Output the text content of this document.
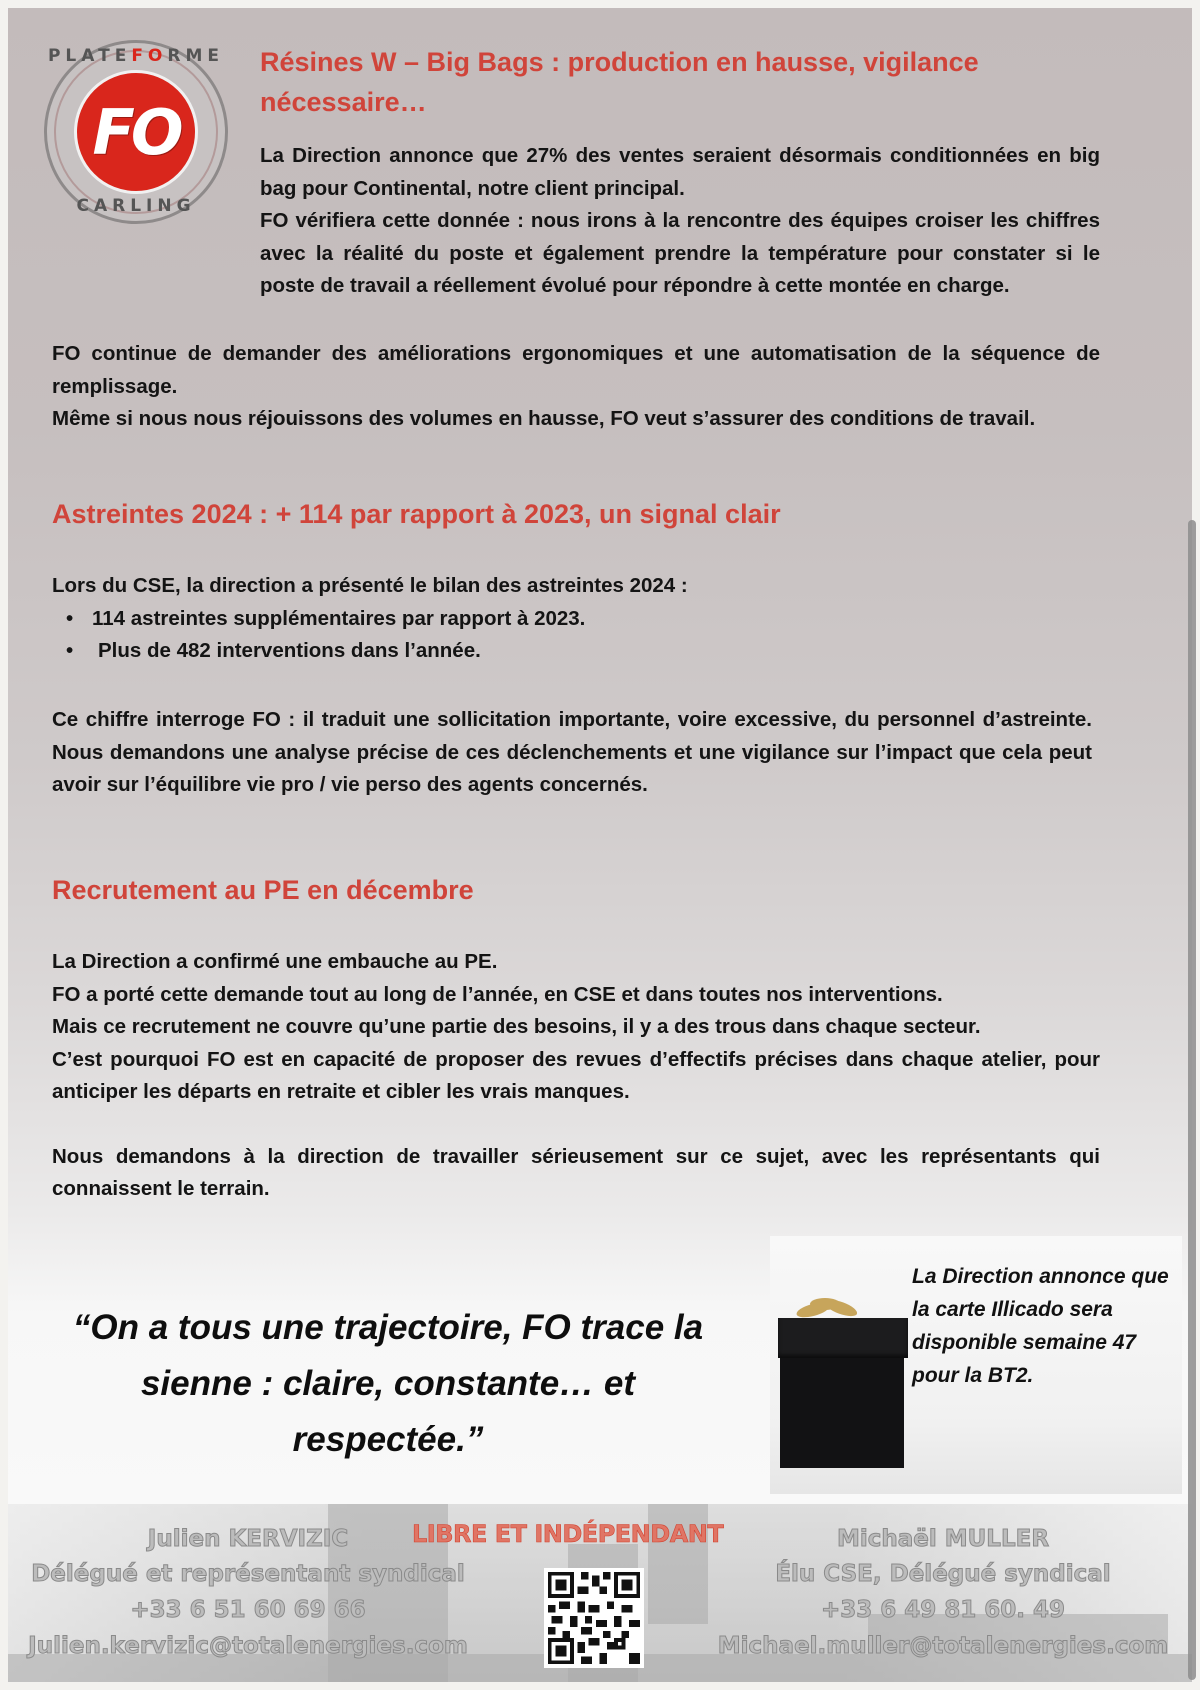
PLATEFORME
FO
CARLING
Résines W – Big Bags : production en hausse, vigilance nécessaire…

La Direction annonce que 27% des ventes seraient désormais conditionnées en big bag pour Continental, notre client principal.

FO vérifiera cette donnée : nous irons à la rencontre des équipes croiser les chiffres avec la réalité du poste et également prendre la température pour constater si le poste de travail a réellement évolué pour répondre à cette montée en charge.

FO continue de demander des améliorations ergonomiques et une automatisation de la séquence de remplissage.

Même si nous nous réjouissons des volumes en hausse, FO veut s’assurer des conditions de travail.

Astreintes 2024 : + 114 par rapport à 2023, un signal clair

Lors du CSE, la direction a présenté le bilan des astreintes 2024 :

• 114 astreintes supplémentaires par rapport à 2023.
• Plus de 482 interventions dans l’année.

Ce chiffre interroge FO : il traduit une sollicitation importante, voire excessive, du personnel d’astreinte. Nous demandons une analyse précise de ces déclenchements et une vigilance sur l’impact que cela peut avoir sur l’équilibre vie pro / vie perso des agents concernés.

Recrutement au PE en décembre

La Direction a confirmé une embauche au PE.

FO a porté cette demande tout au long de l’année, en CSE et dans toutes nos interventions.

Mais ce recrutement ne couvre qu’une partie des besoins, il y a des trous dans chaque secteur.

C’est pourquoi FO est en capacité de proposer des revues d’effectifs précises dans chaque atelier, pour anticiper les départs en retraite et cibler les vrais manques.

Nous demandons à la direction de travailler sérieusement sur ce sujet, avec les représentants qui connaissent le terrain.

“On a tous une trajectoire, FO trace la sienne : claire, constante… et respectée.”
La Direction annonce que la carte Illicado sera disponible semaine 47 pour la BT2.
Julien KERVIZIC
Délégué et représentant syndical
+33 6 51 60 69 66
Julien.kervizic@totalenergies.com
LIBRE ET INDÉPENDANT	Michaël MULLER
Élu CSE, Délégué syndical
+33 6 49 81 60. 49
Michael.muller@totalenergies.com
